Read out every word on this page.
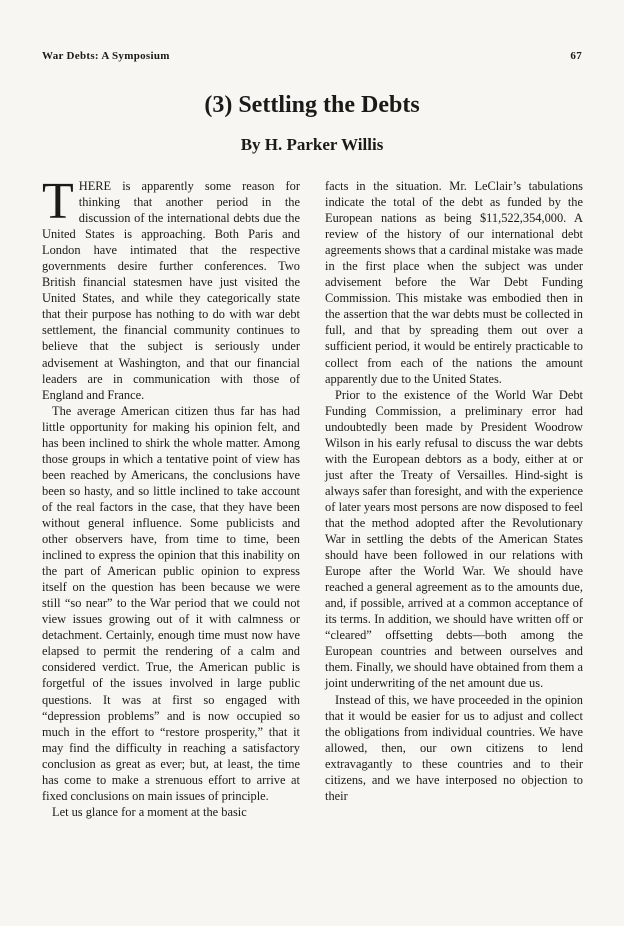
War Debts: A Symposium	67
(3) Settling the Debts
By H. Parker Willis

THERE is apparently some reason for thinking that another period in the discussion of the international debts due the United States is approaching. Both Paris and London have intimated that the respective governments desire further conferences. Two British financial statesmen have just visited the United States, and while they categorically state that their purpose has nothing to do with war debt settlement, the financial community continues to believe that the subject is seriously under advisement at Washington, and that our financial leaders are in communication with those of England and France.

The average American citizen thus far has had little opportunity for making his opinion felt, and has been inclined to shirk the whole matter. Among those groups in which a tentative point of view has been reached by Americans, the conclusions have been so hasty, and so little inclined to take account of the real factors in the case, that they have been without general influence. Some publicists and other observers have, from time to time, been inclined to express the opinion that this inability on the part of American public opinion to express itself on the question has been because we were still “so near” to the War period that we could not view issues growing out of it with calmness or detachment. Certainly, enough time must now have elapsed to permit the rendering of a calm and considered verdict. True, the American public is forgetful of the issues involved in large public questions. It was at first so engaged with “depression problems” and is now occupied so much in the effort to “restore prosperity,” that it may find the difficulty in reaching a satisfactory conclusion as great as ever; but, at least, the time has come to make a strenuous effort to arrive at fixed conclusions on main issues of principle.

Let us glance for a moment at the basic

facts in the situation. Mr. LeClair’s tabulations indicate the total of the debt as funded by the European nations as being $11,522,354,000. A review of the history of our international debt agreements shows that a cardinal mistake was made in the first place when the subject was under advisement before the War Debt Funding Commission. This mistake was embodied then in the assertion that the war debts must be collected in full, and that by spreading them out over a sufficient period, it would be entirely practicable to collect from each of the nations the amount apparently due to the United States.

Prior to the existence of the World War Debt Funding Commission, a preliminary error had undoubtedly been made by President Woodrow Wilson in his early refusal to discuss the war debts with the European debtors as a body, either at or just after the Treaty of Versailles. Hind-sight is always safer than foresight, and with the experience of later years most persons are now disposed to feel that the method adopted after the Revolutionary War in settling the debts of the American States should have been followed in our relations with Europe after the World War. We should have reached a general agreement as to the amounts due, and, if possible, arrived at a common acceptance of its terms. In addition, we should have written off or “cleared” offsetting debts—both among the European countries and between ourselves and them. Finally, we should have obtained from them a joint underwriting of the net amount due us.

Instead of this, we have proceeded in the opinion that it would be easier for us to adjust and collect the obligations from individual countries. We have allowed, then, our own citizens to lend extravagantly to these countries and to their citizens, and we have interposed no objection to their
